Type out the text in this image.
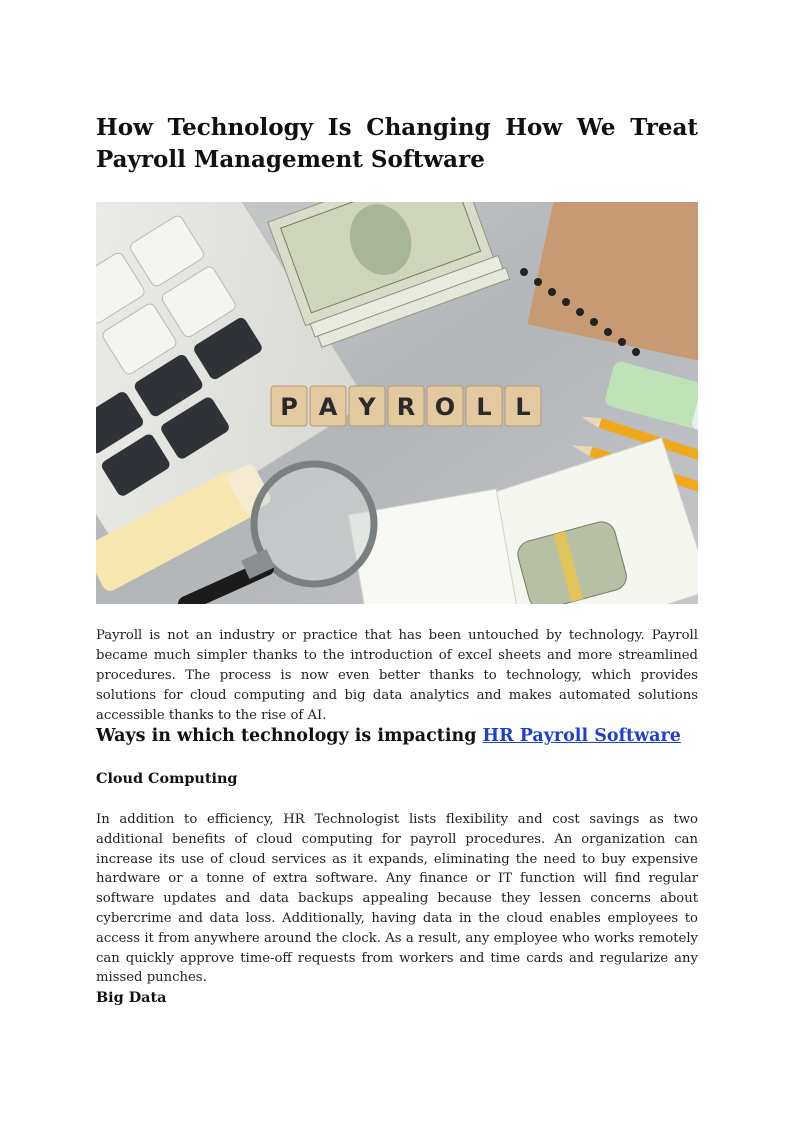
How Technology Is Changing How We Treat Payroll Management Software
P A Y R O L L

Payroll is not an industry or practice that has been untouched by technology. Payroll became much simpler thanks to the introduction of excel sheets and more streamlined procedures. The process is now even better thanks to technology, which provides solutions for cloud computing and big data analytics and makes automated solutions accessible thanks to the rise of AI.

Ways in which technology is impacting HR Payroll Software
Cloud Computing

In addition to efficiency, HR Technologist lists flexibility and cost savings as two additional benefits of cloud computing for payroll procedures. An organization can increase its use of cloud services as it expands, eliminating the need to buy expensive hardware or a tonne of extra software. Any finance or IT function will find regular software updates and data backups appealing because they lessen concerns about cybercrime and data loss. Additionally, having data in the cloud enables employees to access it from anywhere around the clock. As a result, any employee who works remotely can quickly approve time-off requests from workers and time cards and regularize any missed punches.

Big Data
